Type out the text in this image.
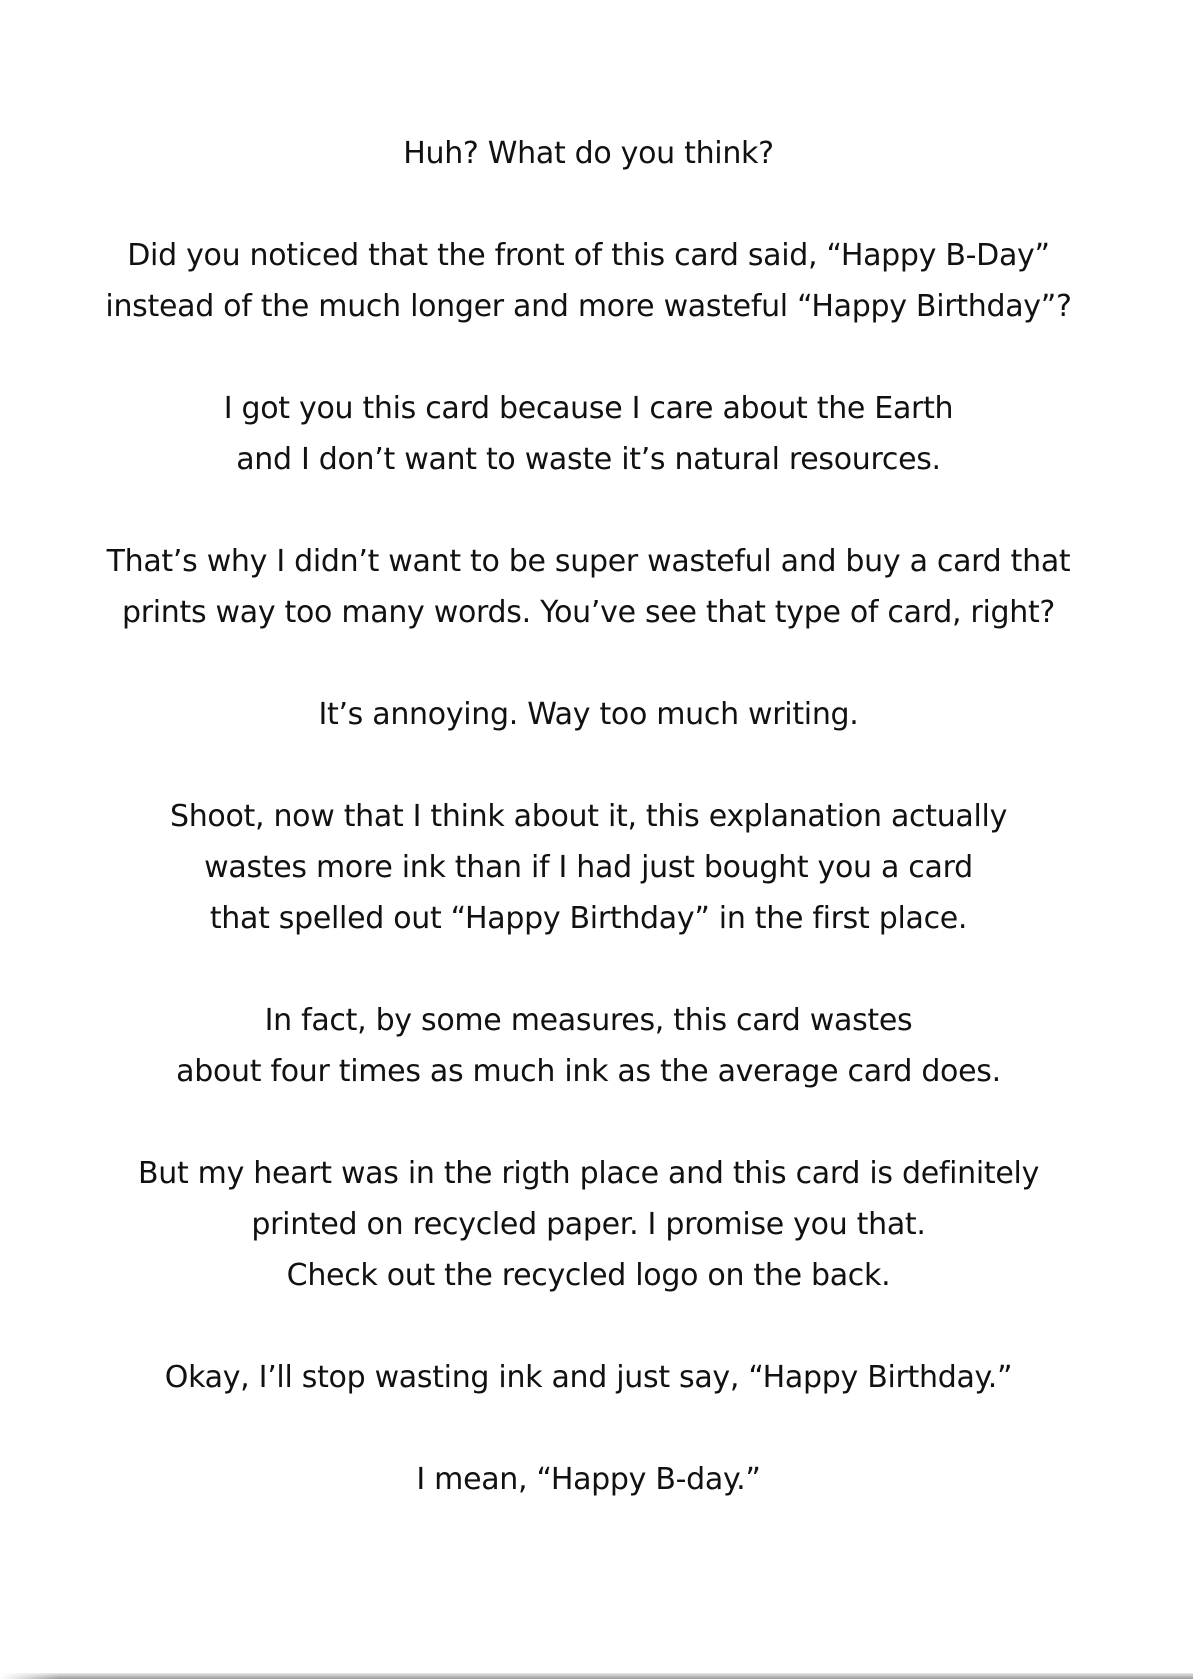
Huh? What do you think?

Did you noticed that the front of this card said, “Happy B-Day”
instead of the much longer and more wasteful “Happy Birthday”?

I got you this card because I care about the Earth
and I don’t want to waste it’s natural resources.

That’s why I didn’t want to be super wasteful and buy a card that
prints way too many words. You’ve see that type of card, right?

It’s annoying. Way too much writing.

Shoot, now that I think about it, this explanation actually
wastes more ink than if I had just bought you a card
that spelled out “Happy Birthday” in the first place.

In fact, by some measures, this card wastes
about four times as much ink as the average card does.

But my heart was in the rigth place and this card is definitely
printed on recycled paper. I promise you that.
Check out the recycled logo on the back.

Okay, I’ll stop wasting ink and just say, “Happy Birthday.”

I mean, “Happy B-day.”
